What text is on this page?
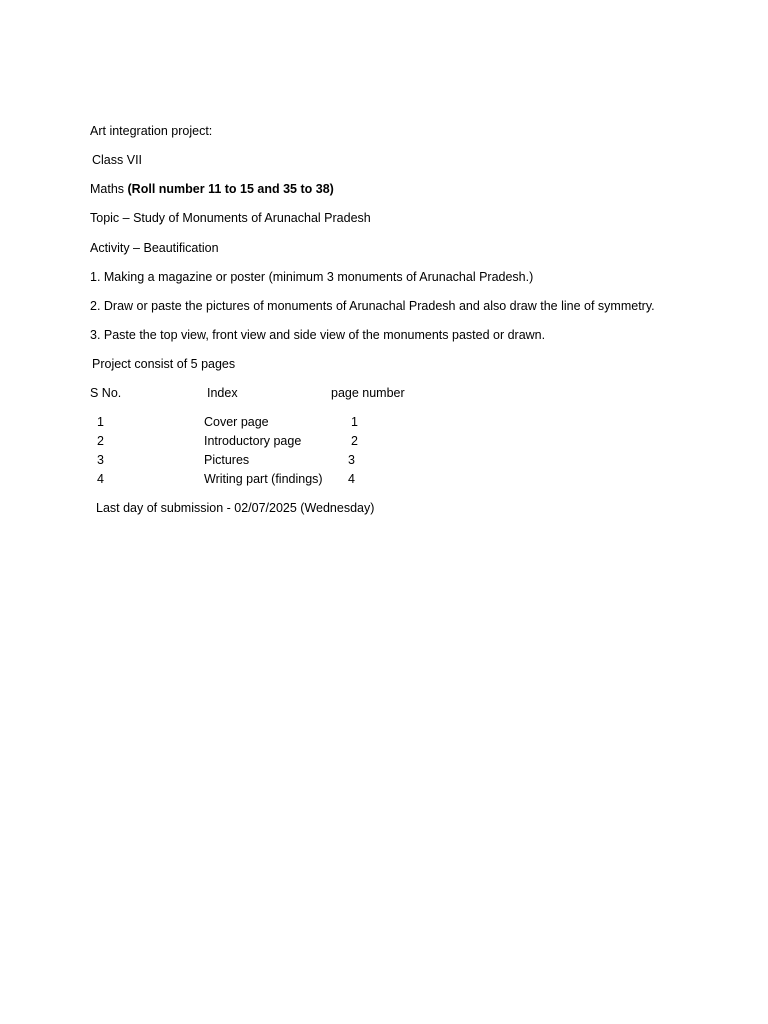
Art integration project:
Class VII
Maths (Roll number 11 to 15 and 35 to 38)
Topic – Study of Monuments of Arunachal Pradesh
Activity – Beautification
1. Making a magazine or poster (minimum 3 monuments of Arunachal Pradesh.)
2. Draw or paste the pictures of monuments of Arunachal Pradesh and also draw the line of symmetry.
3. Paste the top view, front view and side view of the monuments pasted or drawn.
Project consist of 5 pages
S No.	Index	page number
1	Cover page	1
2	Introductory page	2
3	Pictures	3
4	Writing part (findings) 4
Last day of submission - 02/07/2025 (Wednesday)
